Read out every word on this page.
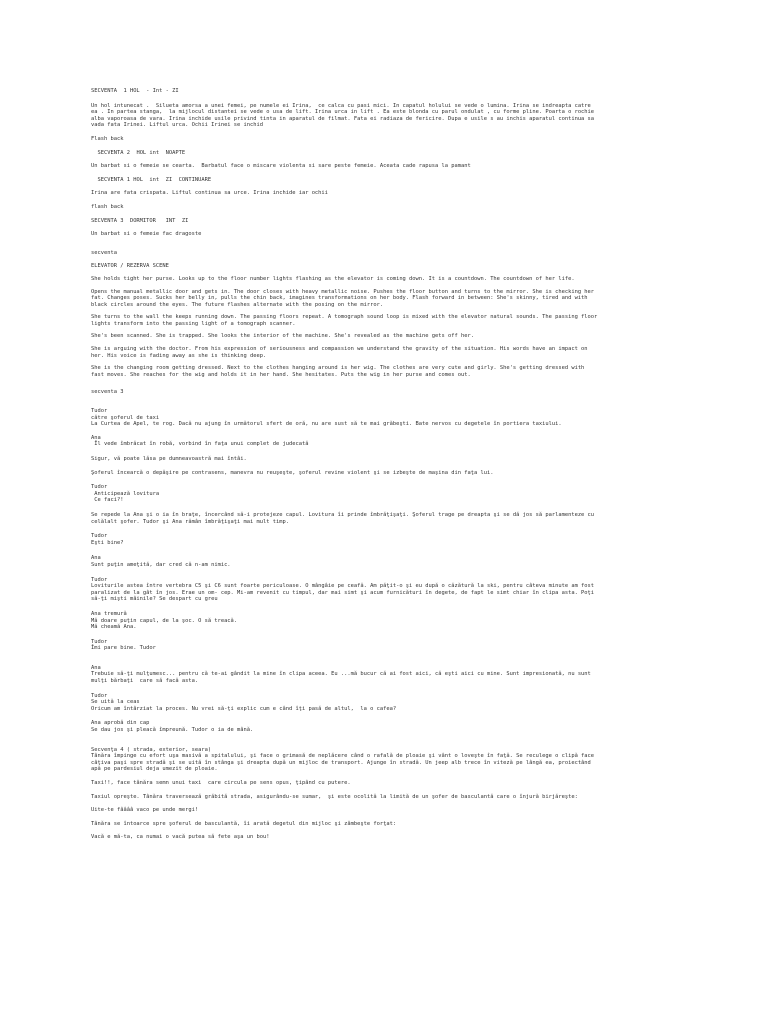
SECVENTA  1 HOL  - Int - ZI
Un hol intunecat .  Silueta amorsa a unei femei, pe numele ei Irina,  ce calca cu pasi mici. In capatul holului se vede o lumina. Irina se indreapta catre
ea . In partea stanga,  la mijlocul distantei se vede o usa de lift. Irina urca in lift . Ea este blonda cu parul ondulat , cu forme pline. Poarta o rochie
alba vaporoasa de vara. Irina inchide usile privind tinta in aparatul de filmat. Fata ei radiaza de fericire. Dupa e usile s au inchis aparatul continua sa
vada fata Irinei. Liftul urca. Ochii Irinei se inchid
Flash back
SECVENTA 2  HOL int  NOAPTE
Un barbat si o femeie se cearta.  Barbatul face o miscare violenta si sare peste femeie. Aceata cade rapusa la pamant
SECVENTA 1 HOL  int  ZI  CONTINUARE
Irina are fata crispata. Liftul continua sa urce. Irina inchide iar ochii
flash back
SECVENTA 3  DORMITOR   INT  ZI
Un barbat si o femeie fac dragoste
secventa
ELEVATOR / REZERVA SCENE
She holds tight her purse. Looks up to the floor number lights flashing as the elevator is coming down. It is a countdown. The countdown of her life.
Opens the manual metallic door and gets in. The door closes with heavy metallic noise. Pushes the floor button and turns to the mirror. She is checking her
fat. Changes poses. Sucks her belly in, pulls the chin back, imagines transformations on her body. Flash forward in between: She's skinny, tired and with
black circles around the eyes. The future flashes alternate with the posing on the mirror.
She turns to the wall the keeps running down. The passing floors repeat. A tomograph sound loop is mixed with the elevator natural sounds. The passing floor
lights transform into the passing light of a tomograph scanner.
She's been scanned. She is trapped. She looks the interior of the machine. She's revealed as the machine gets off her.
She is arguing with the doctor. From his expression of seriousness and compassion we understand the gravity of the situation. His words have an impact on
her. His voice is fading away as she is thinking deep.
She is the changing room getting dressed. Next to the clothes hanging around is her wig. The clothes are very cute and girly. She's getting dressed with
fast moves. She reaches for the wig and holds it in her hand. She hesitates. Puts the wig in her purse and comes out.
secventa 3
Tudor
către şoferul de taxi
La Curtea de Apel, te rog. Dacă nu ajung în următorul sfert de oră, nu are sust să te mai grăbeşti. Bate nervos cu degetele în portiera taxiului.
Ana
Îl vede îmbrăcat în robă, vorbind în faţa unui complet de judecată
Sigur, vă poate lăsa pe dumneavoastră mai întâi.
Şoferul încearcă o depăşire pe contrasens, manevra nu reuşeşte, şoferul revine violent şi se izbeşte de maşina din faţa lui.
Tudor
Anticipează lovitura
Ce faci?!
Se repede la Ana şi o ia în braţe, încercând să-i protejeze capul. Lovitura îi prinde îmbrăţişaţi. Şoferul trage pe dreapta şi se dă jos să parlamenteze cu
celălalt şofer. Tudor şi Ana rămân îmbrăţişaţi mai mult timp.
Tudor
Eşti bine?
Ana
Sunt puţin ameţită, dar cred că n-am nimic.
Tudor
Loviturile astea între vertebra C5 şi C6 sunt foarte periculoase. O mângâie pe ceafă. Am păţit-o şi eu după o căzătură la ski, pentru câteva minute am fost
paralizat de la gât în jos. Erae un om- cep. Mi-am revenit cu timpul, dar mai simt şi acum furnicături în degete, de fapt le simt chiar în clipa asta. Poţi
să-ţi mişti mâinile? Se despart cu greu
Ana tremură
Mă doare puţin capul, de la şoc. O să treacă.
Mă cheamă Ana.
Tudor
Îmi pare bine. Tudor
Ana
Trebuie să-ţi mulţumesc... pentru că te-ai gândit la mine în clipa aceea. Eu ...mă bucur că ai fost aici, că eşti aici cu mine. Sunt impresionată, nu sunt
mulţi bărbaţi  care să facă asta.
Tudor
Se uită la ceas
Oricum am întârziat la proces. Nu vrei să-ţi explic cum e când îţi pasă de altul,  la o cafea?
Ana aprobă din cap
Se dau jos şi pleacă împreună. Tudor o ia de mână.
Secvenţa 4 ( strada, exterior, seara)
Tânăra împinge cu efort uşa masivă a spitalului, şi face o grimasă de neplăcere când o rafală de ploaie şi vânt o loveşte în faţă. Se reculege o clipă face
câţiva paşi spre stradă şi se uită în stânga şi dreapta după un mijloc de transport. Ajunge în stradă. Un jeep alb trece în viteză pe lângă ea, proiectând
apă pe pardesiul deja umezit de ploaie.
Taxi!!, face tânăra semn unui taxi  care circula pe sens opus, ţipând cu putere.
Taxiul opreşte. Tânăra traversează grăbită strada, asigurându-se sumar,  şi este ocolită la limită de un şofer de basculantă care o înjură birjăreşte:
Uite-te fââââ vaco pe unde mergi!
Tânăra se întoarce spre şoferul de basculantă, îi arată degetul din mijloc şi zâmbeşte forţat:
Vacă e mă-ta, ca numai o vacă putea să fete aşa un bou!
